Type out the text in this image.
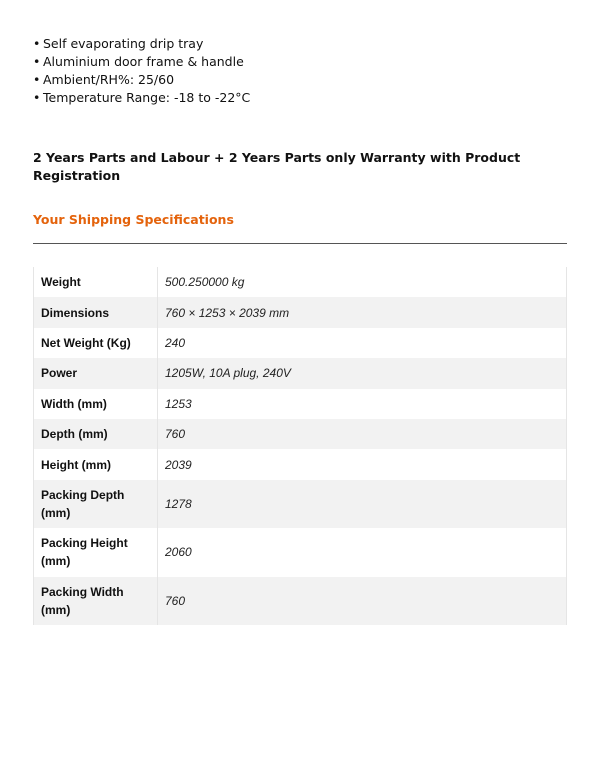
• Self evaporating drip tray
• Aluminium door frame & handle
• Ambient/RH%: 25/60
• Temperature Range: -18 to -22°C

2 Years Parts and Labour + 2 Years Parts only Warranty with Product Registration

Your Shipping Specifications
Weight	500.250000 kg
Dimensions	760 × 1253 × 2039 mm
Net Weight (Kg)	240
Power	1205W, 10A plug, 240V
Width (mm)	1253
Depth (mm)	760
Height (mm)	2039
Packing Depth (mm)	1278
Packing Height (mm)	2060
Packing Width (mm)	760
